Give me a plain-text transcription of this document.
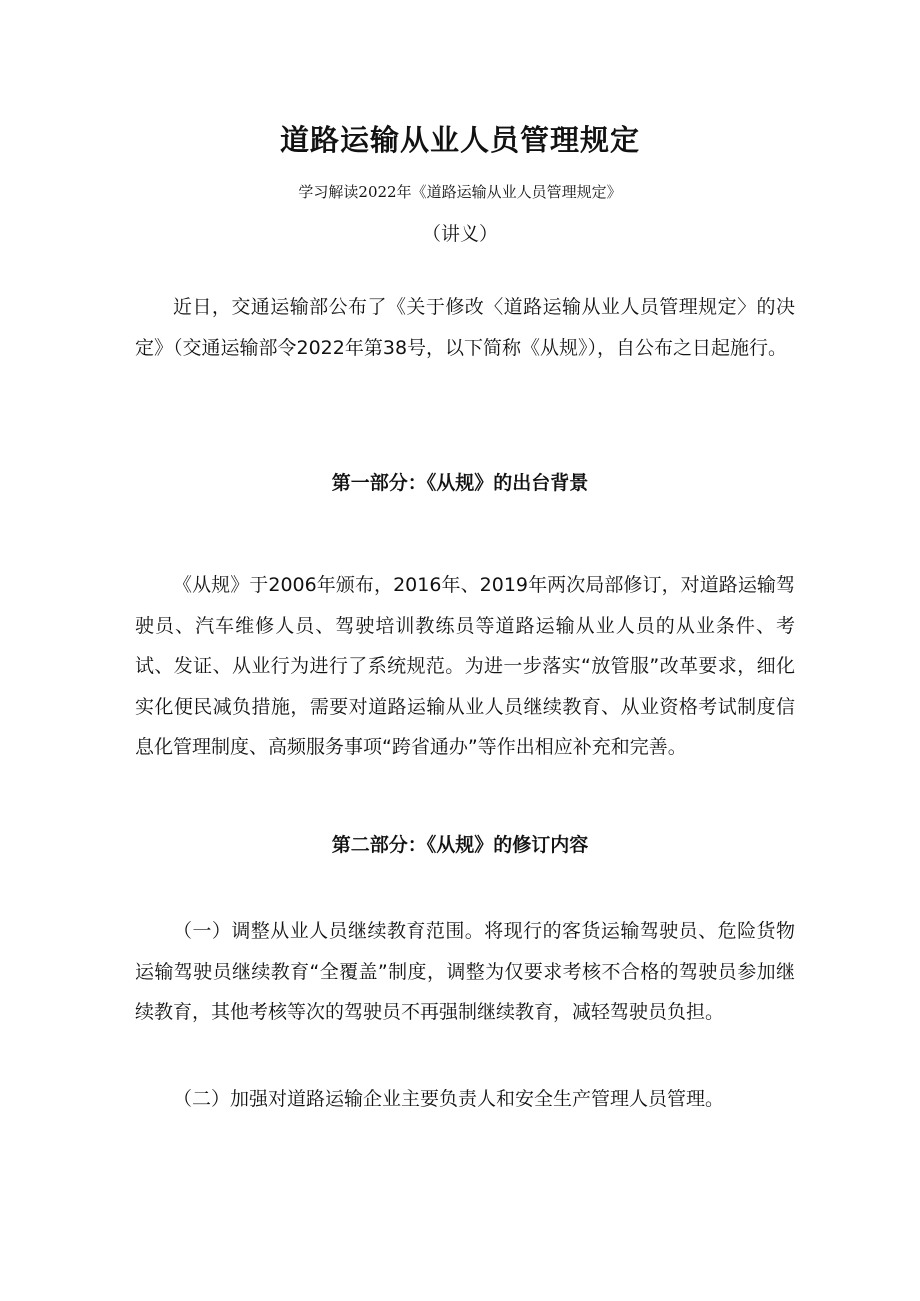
道路运输从业人员管理规定
学习解读2022年《道路运输从业人员管理规定》
（讲义）
近日，交通运输部公布了《关于修改〈道路运输从业人员管理规定〉的决定》（交通运输部令2022年第38号，以下简称《从规》），自公布之日起施行。
第一部分：《从规》的出台背景
《从规》于2006年颁布，2016年、2019年两次局部修订，对道路运输驾驶员、汽车维修人员、驾驶培训教练员等道路运输从业人员的从业条件、考试、发证、从业行为进行了系统规范。为进一步落实“放管服”改革要求，细化实化便民减负措施，需要对道路运输从业人员继续教育、从业资格考试制度信息化管理制度、高频服务事项“跨省通办”等作出相应补充和完善。
第二部分：《从规》的修订内容
（一）调整从业人员继续教育范围。将现行的客货运输驾驶员、危险货物运输驾驶员继续教育“全覆盖”制度，调整为仅要求考核不合格的驾驶员参加继续教育，其他考核等次的驾驶员不再强制继续教育，减轻驾驶员负担。
（二）加强对道路运输企业主要负责人和安全生产管理人员管理。
